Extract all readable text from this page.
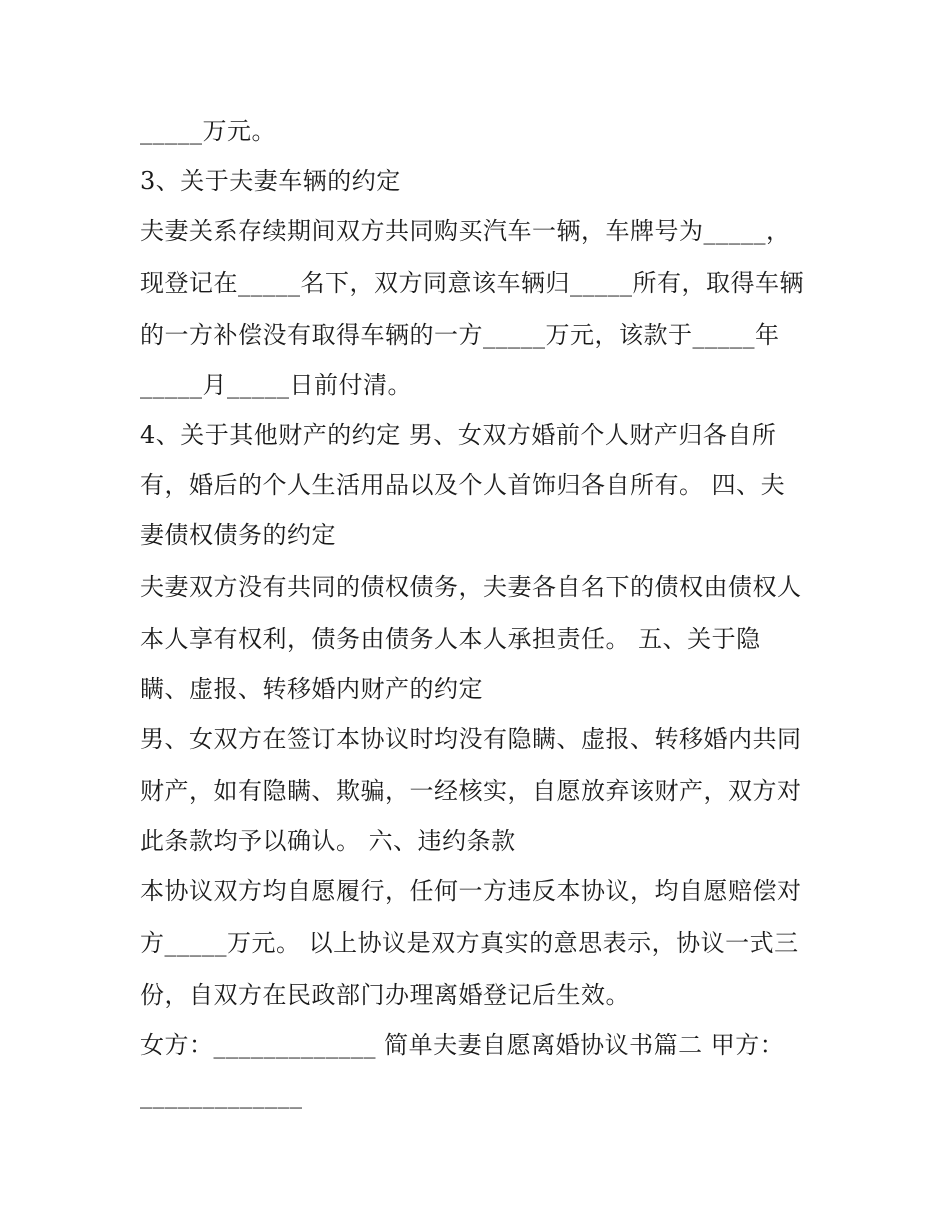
_____万元。
3、关于夫妻车辆的约定
夫妻关系存续期间双方共同购买汽车一辆，车牌号为_____，
现登记在_____名下，双方同意该车辆归_____所有，取得车辆
的一方补偿没有取得车辆的一方_____万元，该款于_____年
_____月_____日前付清。
4、关于其他财产的约定 男、女双方婚前个人财产归各自所
有，婚后的个人生活用品以及个人首饰归各自所有。 四、夫
妻债权债务的约定
夫妻双方没有共同的债权债务，夫妻各自名下的债权由债权人
本人享有权利，债务由债务人本人承担责任。 五、关于隐
瞒、虚报、转移婚内财产的约定
男、女双方在签订本协议时均没有隐瞒、虚报、转移婚内共同
财产，如有隐瞒、欺骗，一经核实，自愿放弃该财产，双方对
此条款均予以确认。 六、违约条款
本协议双方均自愿履行，任何一方违反本协议，均自愿赔偿对
方_____万元。 以上协议是双方真实的意思表示，协议一式三
份，自双方在民政部门办理离婚登记后生效。
女方：_____________ 简单夫妻自愿离婚协议书篇二 甲方：
_____________
